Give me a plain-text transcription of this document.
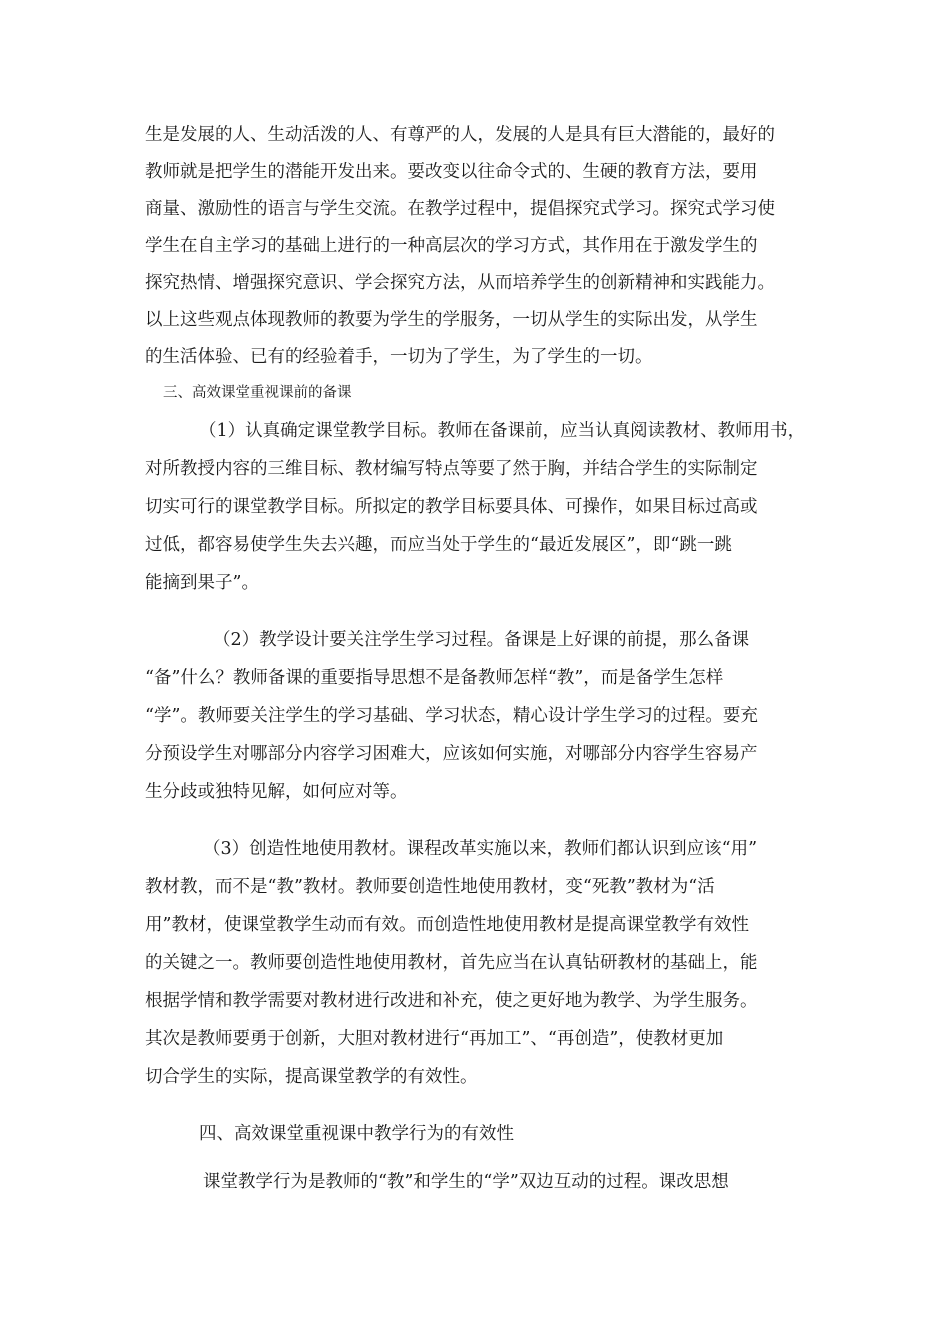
生是发展的人、生动活泼的人、有尊严的人，发展的人是具有巨大潜能的，最好的
教师就是把学生的潜能开发出来。要改变以往命令式的、生硬的教育方法，要用
商量、激励性的语言与学生交流。在教学过程中，提倡探究式学习。探究式学习使
学生在自主学习的基础上进行的一种高层次的学习方式，其作用在于激发学生的
探究热情、增强探究意识、学会探究方法，从而培养学生的创新精神和实践能力。
以上这些观点体现教师的教要为学生的学服务，一切从学生的实际出发，从学生
的生活体验、已有的经验着手，一切为了学生，为了学生的一切。
三、高效课堂重视课前的备课
（1）认真确定课堂教学目标。教师在备课前，应当认真阅读教材、教师用书，
对所教授内容的三维目标、教材编写特点等要了然于胸，并结合学生的实际制定
切实可行的课堂教学目标。所拟定的教学目标要具体、可操作，如果目标过高或
过低，都容易使学生失去兴趣，而应当处于学生的“最近发展区”，即“跳一跳
能摘到果子”。
（2）教学设计要关注学生学习过程。备课是上好课的前提，那么备课
“备”什么？教师备课的重要指导思想不是备教师怎样“教”，而是备学生怎样
“学”。教师要关注学生的学习基础、学习状态，精心设计学生学习的过程。要充
分预设学生对哪部分内容学习困难大，应该如何实施，对哪部分内容学生容易产
生分歧或独特见解，如何应对等。
（3）创造性地使用教材。课程改革实施以来，教师们都认识到应该“用”
教材教，而不是“教”教材。教师要创造性地使用教材，变“死教”教材为“活
用”教材，使课堂教学生动而有效。而创造性地使用教材是提高课堂教学有效性
的关键之一。教师要创造性地使用教材，首先应当在认真钻研教材的基础上，能
根据学情和教学需要对教材进行改进和补充，使之更好地为教学、为学生服务。
其次是教师要勇于创新，大胆对教材进行“再加工”、“再创造”，使教材更加
切合学生的实际，提高课堂教学的有效性。
四、高效课堂重视课中教学行为的有效性
课堂教学行为是教师的“教”和学生的“学”双边互动的过程。课改思想
